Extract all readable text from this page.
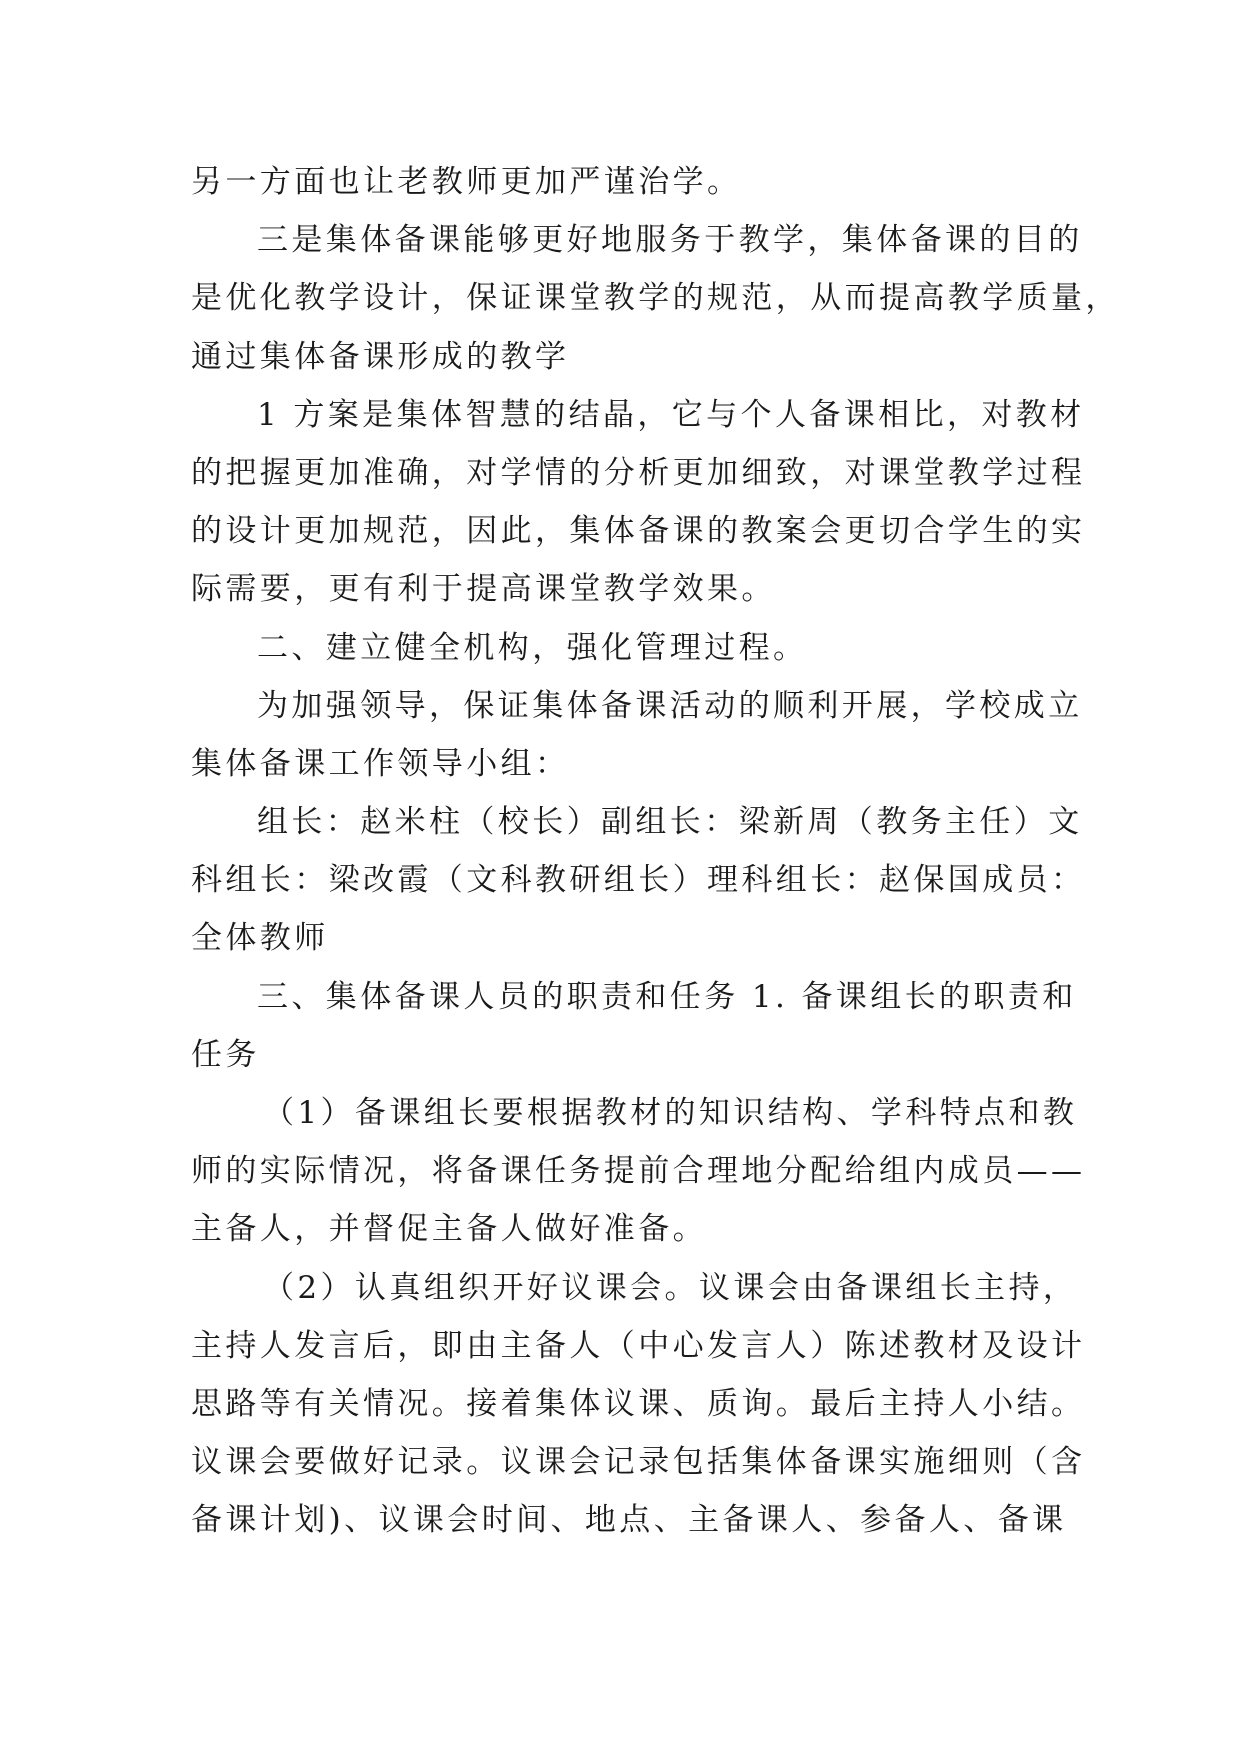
另一方面也让老教师更加严谨治学。
三是集体备课能够更好地服务于教学，集体备课的目的
是优化教学设计，保证课堂教学的规范，从而提高教学质量，
通过集体备课形成的教学
1 方案是集体智慧的结晶，它与个人备课相比，对教材
的把握更加准确，对学情的分析更加细致，对课堂教学过程
的设计更加规范，因此，集体备课的教案会更切合学生的实
际需要，更有利于提高课堂教学效果。
二、建立健全机构，强化管理过程。
为加强领导，保证集体备课活动的顺利开展，学校成立
集体备课工作领导小组：
组长：赵米柱（校长）副组长：梁新周（教务主任）文
科组长：梁改霞（文科教研组长）理科组长：赵保国成员：
全体教师
三、集体备课人员的职责和任务 1. 备课组长的职责和
任务
（1）备课组长要根据教材的知识结构、学科特点和教
师的实际情况，将备课任务提前合理地分配给组内成员——
主备人，并督促主备人做好准备。
（2）认真组织开好议课会。议课会由备课组长主持，
主持人发言后，即由主备人（中心发言人）陈述教材及设计
思路等有关情况。接着集体议课、质询。最后主持人小结。
议课会要做好记录。议课会记录包括集体备课实施细则（含
备课计划)、议课会时间、地点、主备课人、参备人、备课
